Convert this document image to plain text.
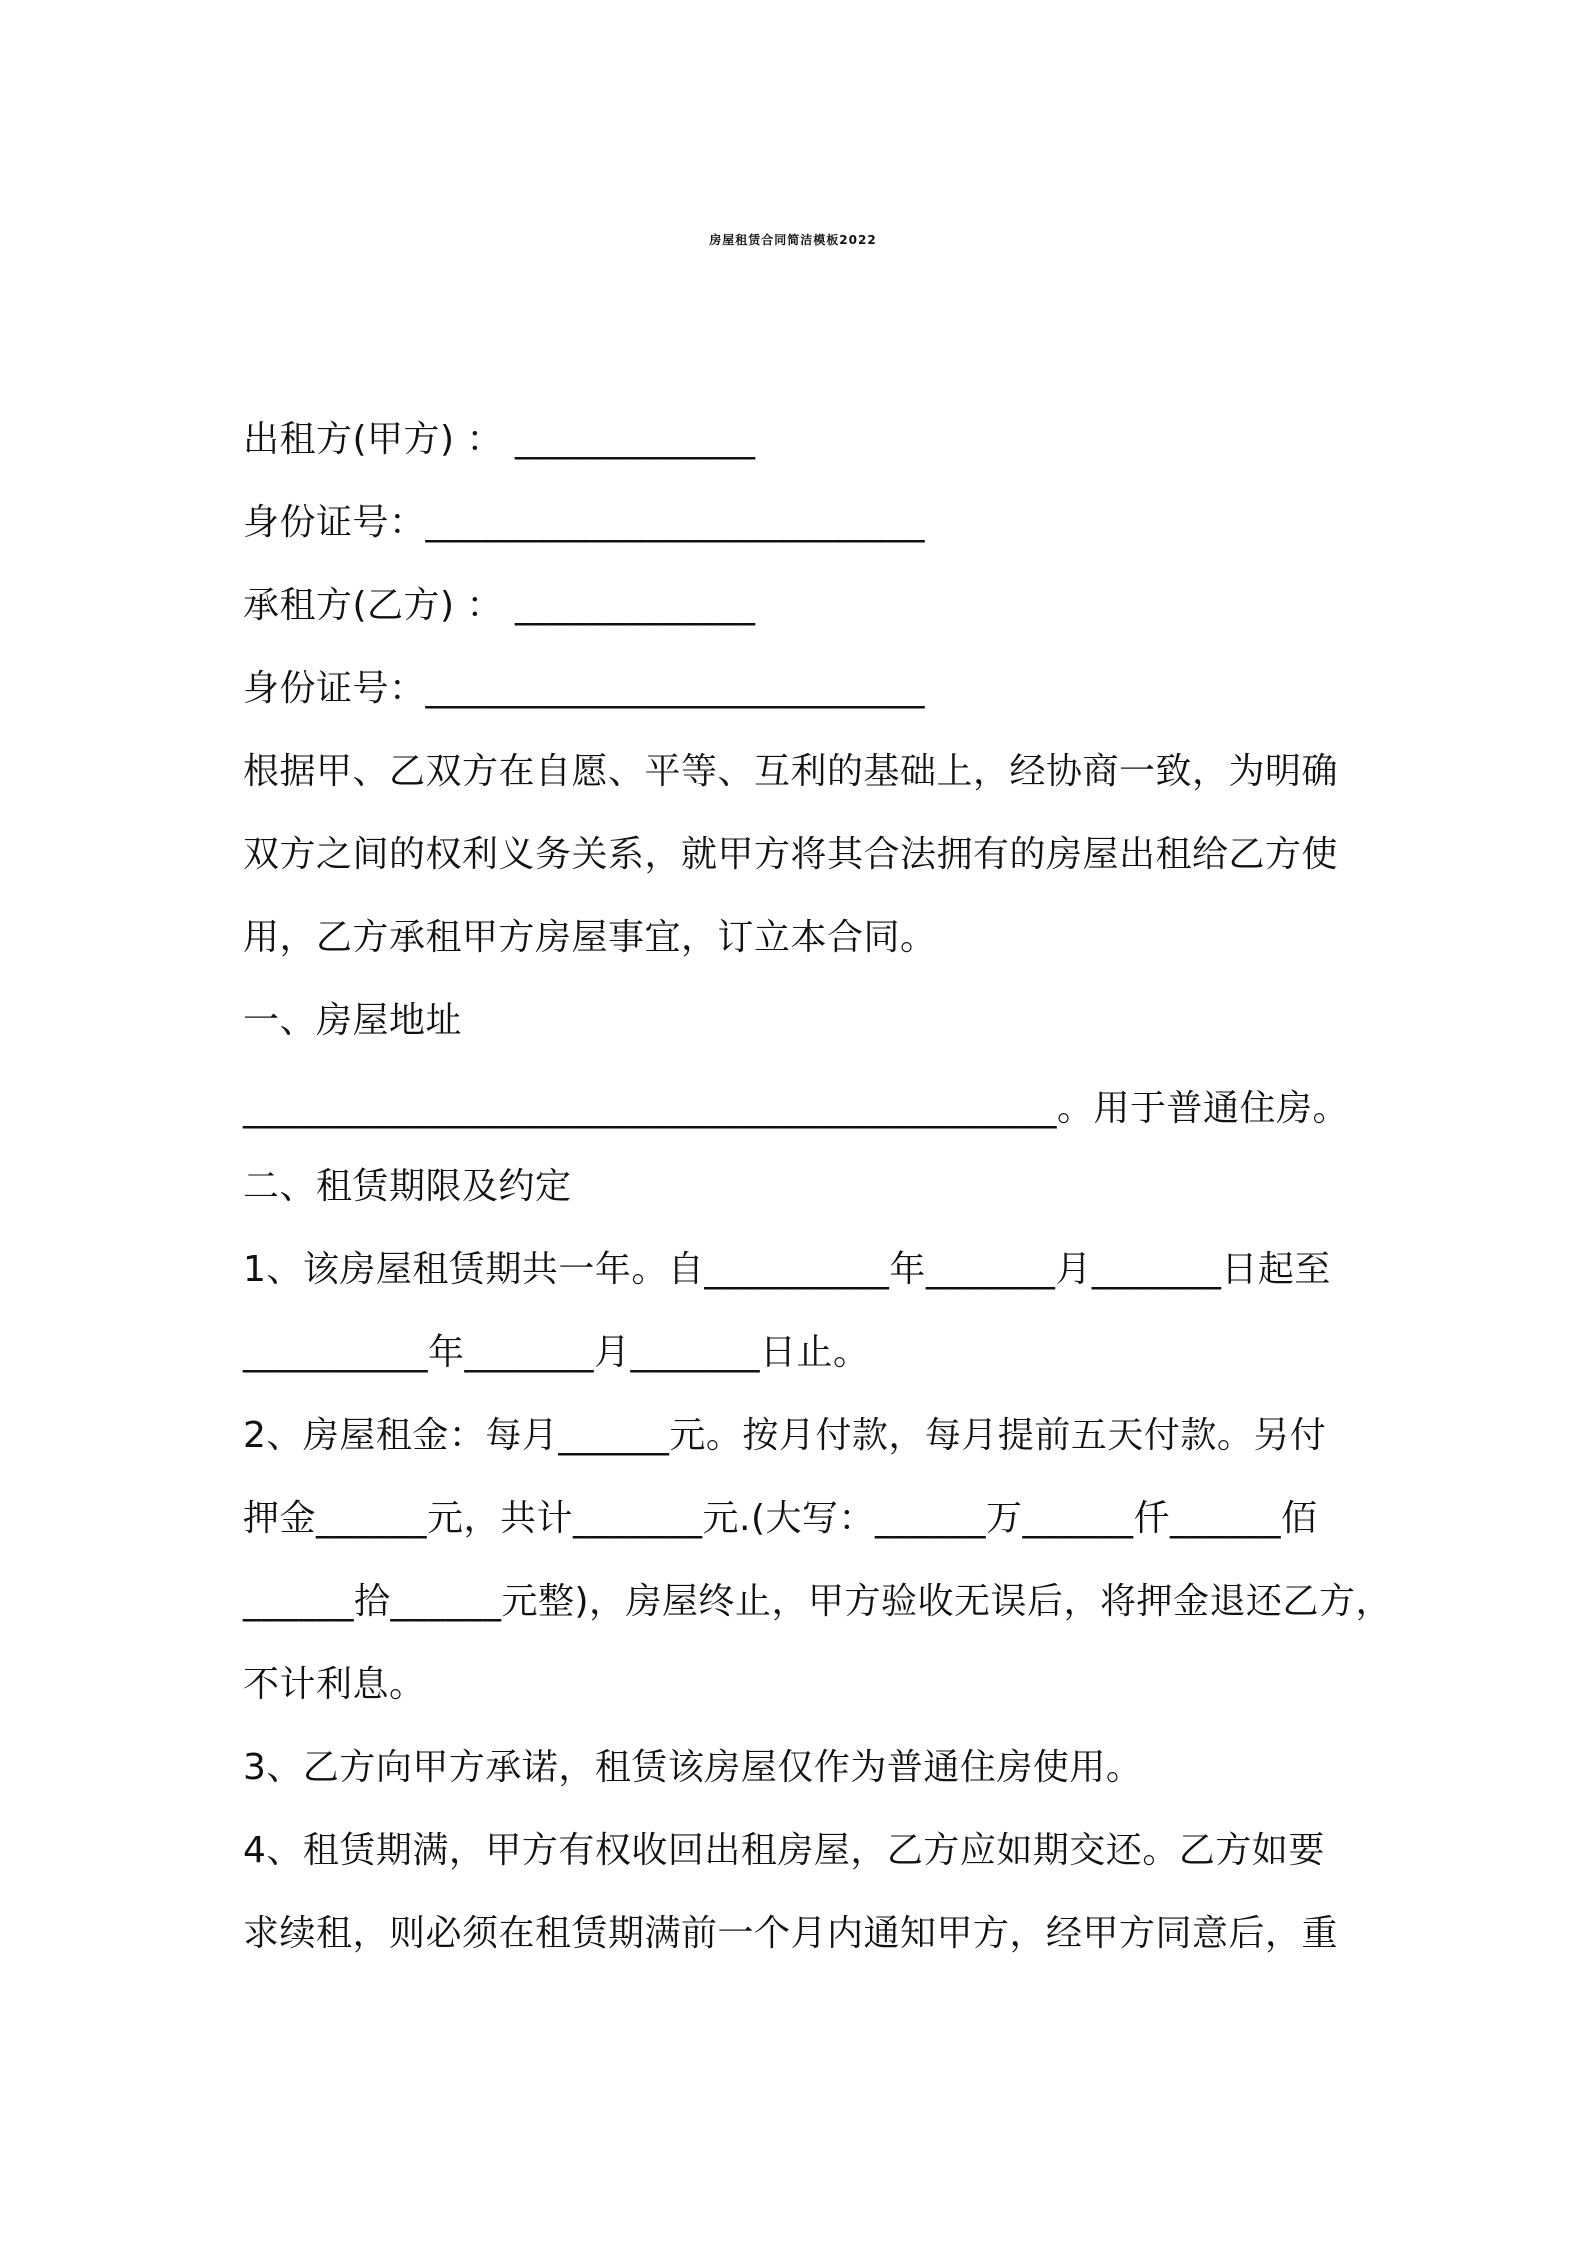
房屋租赁合同简洁模板2022
出租方(甲方) ： _____________
身份证号：___________________________
承租方(乙方) ： _____________
身份证号：___________________________
根据甲、乙双方在自愿、平等、互利的基础上，经协商一致，为明确
双方之间的权利义务关系，就甲方将其合法拥有的房屋出租给乙方使
用，乙方承租甲方房屋事宜，订立本合同。
一、房屋地址
____________________________________________。用于普通住房。
二、租赁期限及约定
1、该房屋租赁期共一年。自__________年_______月_______日起至
__________年_______月_______日止。
2、房屋租金：每月______元。按月付款，每月提前五天付款。另付
押金______元，共计_______元.(大写：______万______仟______佰
______拾______元整)，房屋终止，甲方验收无误后，将押金退还乙方，
不计利息。
3、乙方向甲方承诺，租赁该房屋仅作为普通住房使用。
4、租赁期满，甲方有权收回出租房屋，乙方应如期交还。乙方如要
求续租，则必须在租赁期满前一个月内通知甲方，经甲方同意后，重
